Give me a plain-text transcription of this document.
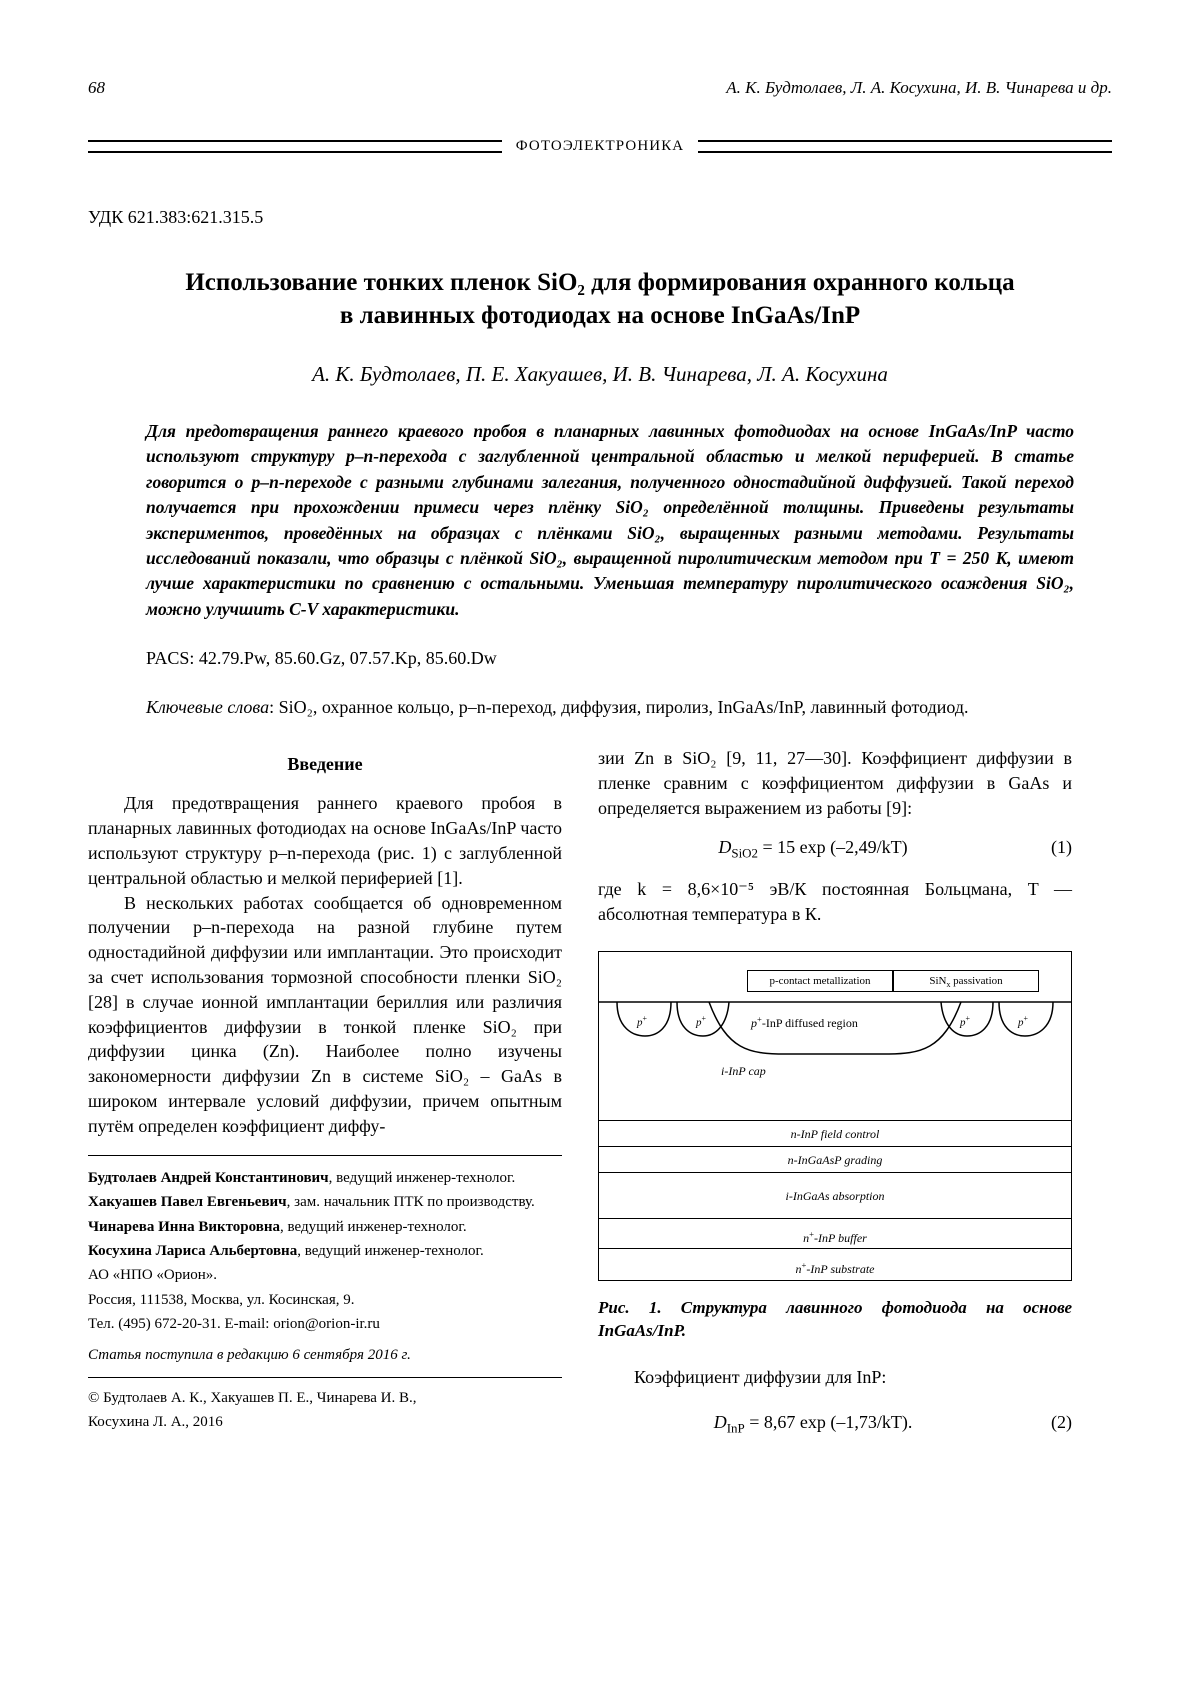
68	А. К. Будтолаев, Л. А. Косухина, И. В. Чинарева и др.
ФОТОЭЛЕКТРОНИКА
УДК 621.383:621.315.5
Использование тонких пленок SiO₂ для формирования охранного кольца
в лавинных фотодиодах на основе InGaAs/InP
А. К. Будтолаев, П. Е. Хакуашев, И. В. Чинарева, Л. А. Косухина
Для предотвращения раннего краевого пробоя в планарных лавинных фотодиодах на основе InGaAs/InP часто используют структуру p–n-перехода с заглубленной центральной областью и мелкой периферией. В статье говорится о p–n-переходе с разными глубинами залегания, полученного одностадийной диффузией. Такой переход получается при прохождении примеси через плёнку SiO₂ определённой толщины. Приведены результаты экспериментов, проведённых на образцах с плёнками SiO₂, выращенных разными методами. Результаты исследований показали, что образцы с плёнкой SiO₂, выращенной пиролитическим методом при T = 250 K, имеют лучше характеристики по сравнению с остальными. Уменьшая температуру пиролитического осаждения SiO₂, можно улучшить C-V характеристики.
PACS: 42.79.Pw, 85.60.Gz, 07.57.Kp, 85.60.Dw
Ключевые слова: SiO₂, охранное кольцо, p–n-переход, диффузия, пиролиз, InGaAs/InP, лавинный фотодиод.
Введение

Для предотвращения раннего краевого пробоя в планарных лавинных фотодиодах на основе InGaAs/InP часто используют структуру p–n-перехода (рис. 1) с заглубленной центральной областью и мелкой периферией [1].

В нескольких работах сообщается об одновременном получении p–n-перехода на разной глубине путем одностадийной диффузии или имплантации. Это происходит за счет использования тормозной способности пленки SiO₂ [28] в случае ионной имплантации бериллия или различия коэффициентов диффузии в тонкой пленке SiO₂ при диффузии цинка (Zn). Наиболее полно изучены закономерности диффузии Zn в системе SiO₂ – GaAs в широком интервале условий диффузии, причем опытным путём определен коэффициент диффу-

Будтолаев Андрей Константинович, ведущий инженер-технолог.

Хакуашев Павел Евгеньевич, зам. начальник ПТК по производству.

Чинарева Инна Викторовна, ведущий инженер-технолог.

Косухина Лариса Альбертовна, ведущий инженер-технолог.

АО «НПО «Орион».

Россия, 111538, Москва, ул. Косинская, 9.

Тел. (495) 672-20-31. E-mail: orion@orion-ir.ru

Статья поступила в редакцию 6 сентября 2016 г.

© Будтолаев А. К., Хакуашев П. Е., Чинарева И. В.,

Косухина Л. А., 2016

зии Zn в SiO₂ [9, 11, 27—30]. Коэффициент диффузии в пленке сравним с коэффициентом диффузии в GaAs и определяется выражением из работы [9]:

$D_{SiO2} = 15$ exp (–2,49/kT)	(1)

где k = 8,6×10⁻⁵ эВ/К постоянная Больцмана, T — абсолютная температура в К.

p-contact metallization	SiN$_x$ passivation
p+	p+	p+	p+
p+-InP diffused region
i-InP cap
n-InP field control
n-InGaAsP grading
i-InGaAs absorption
n+-InP buffer
n+-InP substrate
Рис. 1. Структура лавинного фотодиода на основе InGaAs/InP.

Коэффициент диффузии для InP:

$D_{InP} = 8,67$ exp (–1,73/kT).	(2)
